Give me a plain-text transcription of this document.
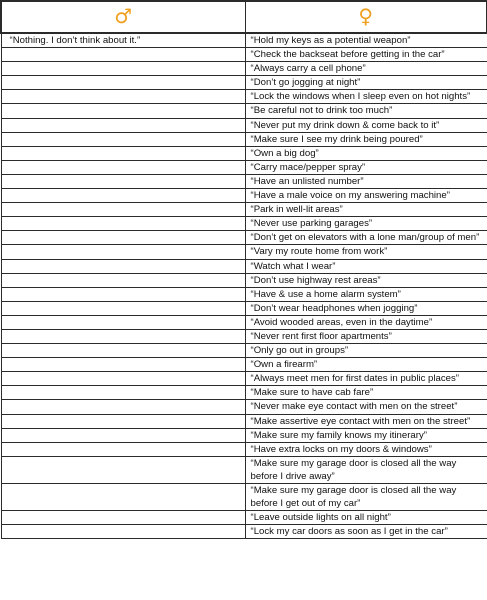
♂	♀
“Nothing. I don’t think about it.”	“Hold my keys as a potential weapon”
	“Check the backseat before getting in the car”
	“Always carry a cell phone”
	“Don’t go jogging at night”
	“Lock the windows when I sleep even on hot nights”
	“Be careful not to drink too much”
	“Never put my drink down & come back to it”
	“Make sure I see my drink being poured”
	“Own a big dog”
	“Carry mace/pepper spray”
	“Have an unlisted number”
	“Have a male voice on my answering machine”
	“Park in well-lit areas”
	“Never use parking garages”
	“Don’t get on elevators with a lone man/group of men”
	“Vary my route home from work”
	“Watch what I wear”
	“Don’t use highway rest areas”
	“Have & use a home alarm system”
	“Don’t wear headphones when jogging”
	“Avoid wooded areas, even in the daytime”
	“Never rent first floor apartments”
	“Only go out in groups”
	“Own a firearm”
	“Always meet men for first dates in public places”
	“Make sure to have cab fare”
	“Never make eye contact with men on the street”
	“Make assertive eye contact with men on the street”
	“Make sure my family knows my itinerary”
	“Have extra locks on my doors & windows”
	“Make sure my garage door is closed all the way before I drive away”
	“Make sure my garage door is closed all the way before I get out of my car”
	“Leave outside lights on all night”
	“Lock my car doors as soon as I get in the car”
